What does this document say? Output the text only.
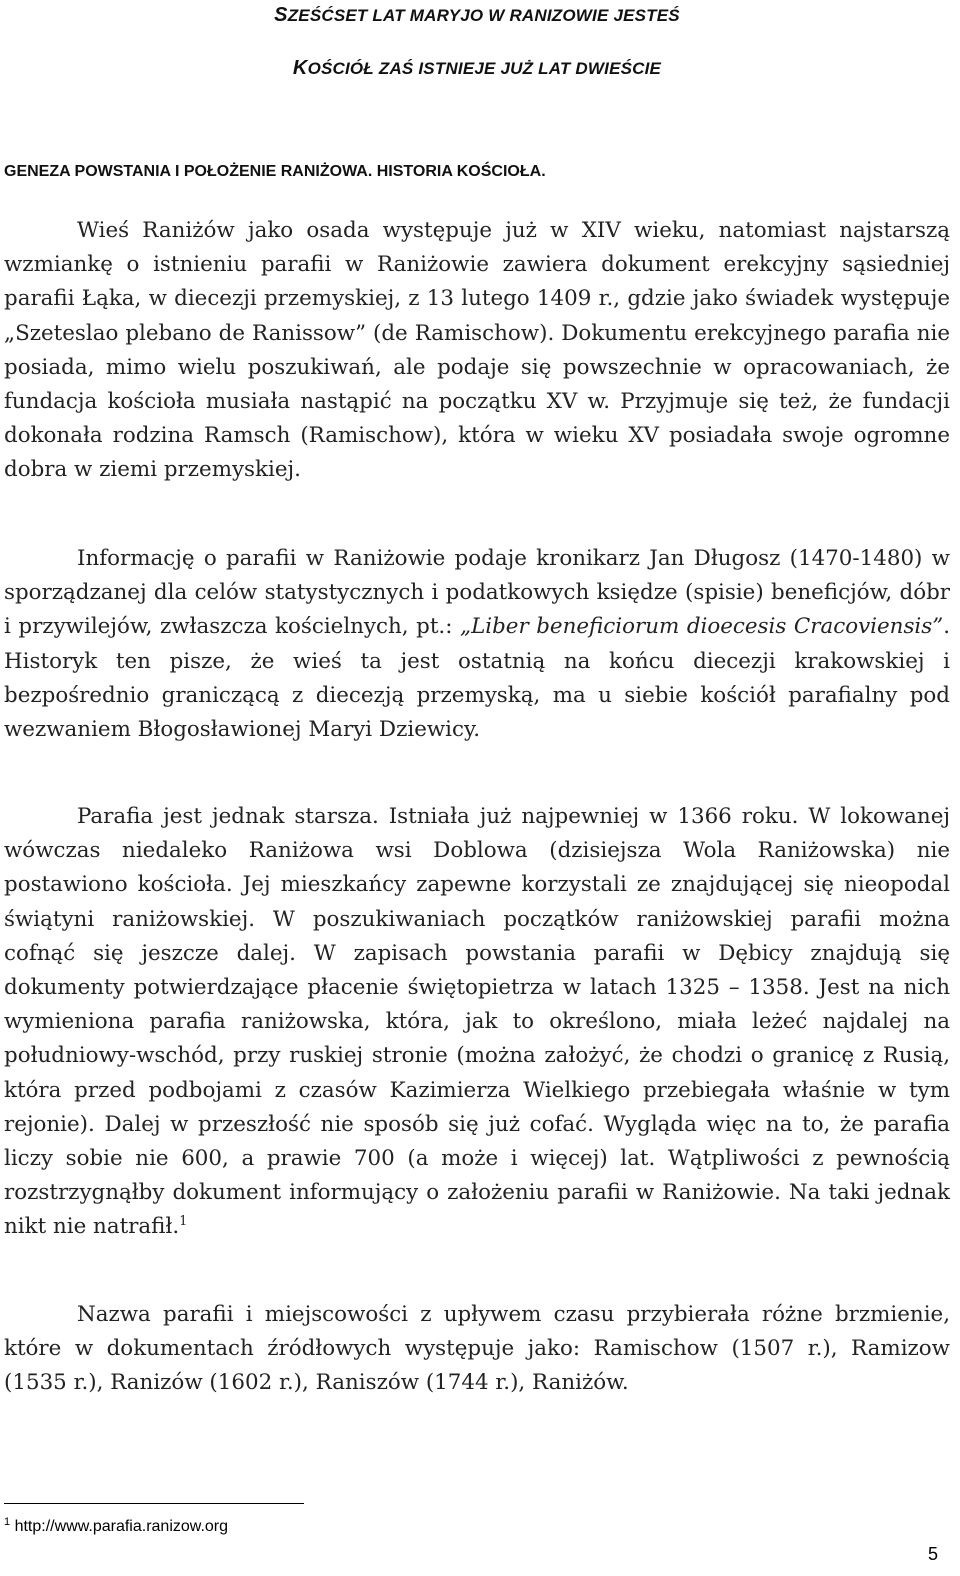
SZEŚĆSET LAT MARYJO W RANIZOWIE JESTEŚ
KOŚCIÓŁ ZAŚ ISTNIEJE JUŻ LAT DWIEŚCIE
GENEZA POWSTANIA I POŁOŻENIE RANIŻOWA. HISTORIA KOŚCIOŁA.
Wieś Raniżów jako osada występuje już w XIV wieku, natomiast najstarszą wzmiankę o istnieniu parafii w Raniżowie zawiera dokument erekcyjny sąsiedniej parafii Łąka, w diecezji przemyskiej, z 13 lutego 1409 r., gdzie jako świadek występuje „Szeteslao plebano de Ranissow” (de Ramischow). Dokumentu erekcyjnego parafia nie posiada, mimo wielu poszukiwań, ale podaje się powszechnie w opracowaniach, że fundacja kościoła musiała nastąpić na początku XV w. Przyjmuje się też, że fundacji dokonała rodzina Ramsch (Ramischow), która w wieku XV posiadała swoje ogromne dobra w ziemi przemyskiej.
Informację o parafii w Raniżowie podaje kronikarz Jan Długosz (1470-1480) w sporządzanej dla celów statystycznych i podatkowych księdze (spisie) beneficjów, dóbr i przywilejów, zwłaszcza kościelnych, pt.: „Liber beneficiorum dioecesis Cracoviensis”. Historyk ten pisze, że wieś ta jest ostatnią na końcu diecezji krakowskiej i bezpośrednio graniczącą z diecezją przemyską, ma u siebie kościół parafialny pod wezwaniem Błogosławionej Maryi Dziewicy.
Parafia jest jednak starsza. Istniała już najpewniej w 1366 roku. W lokowanej wówczas niedaleko Raniżowa wsi Doblowa (dzisiejsza Wola Raniżowska) nie postawiono kościoła. Jej mieszkańcy zapewne korzystali ze znajdującej się nieopodal świątyni raniżowskiej. W poszukiwaniach początków raniżowskiej parafii można cofnąć się jeszcze dalej. W zapisach powstania parafii w Dębicy znajdują się dokumenty potwierdzające płacenie świętopietrza w latach 1325 – 1358. Jest na nich wymieniona parafia raniżowska, która, jak to określono, miała leżeć najdalej na południowy-wschód, przy ruskiej stronie (można założyć, że chodzi o granicę z Rusią, która przed podbojami z czasów Kazimierza Wielkiego przebiegała właśnie w tym rejonie). Dalej w przeszłość nie sposób się już cofać. Wygląda więc na to, że parafia liczy sobie nie 600, a prawie 700 (a może i więcej) lat. Wątpliwości z pewnością rozstrzygnąłby dokument informujący o założeniu parafii w Raniżowie. Na taki jednak nikt nie natrafił.$^1$
Nazwa parafii i miejscowości z upływem czasu przybierała różne brzmienie, które w dokumentach źródłowych występuje jako: Ramischow (1507 r.), Ramizow (1535 r.), Ranizów (1602 r.), Raniszów (1744 r.), Raniżów.
$^1$ http://www.parafia.ranizow.org
5
